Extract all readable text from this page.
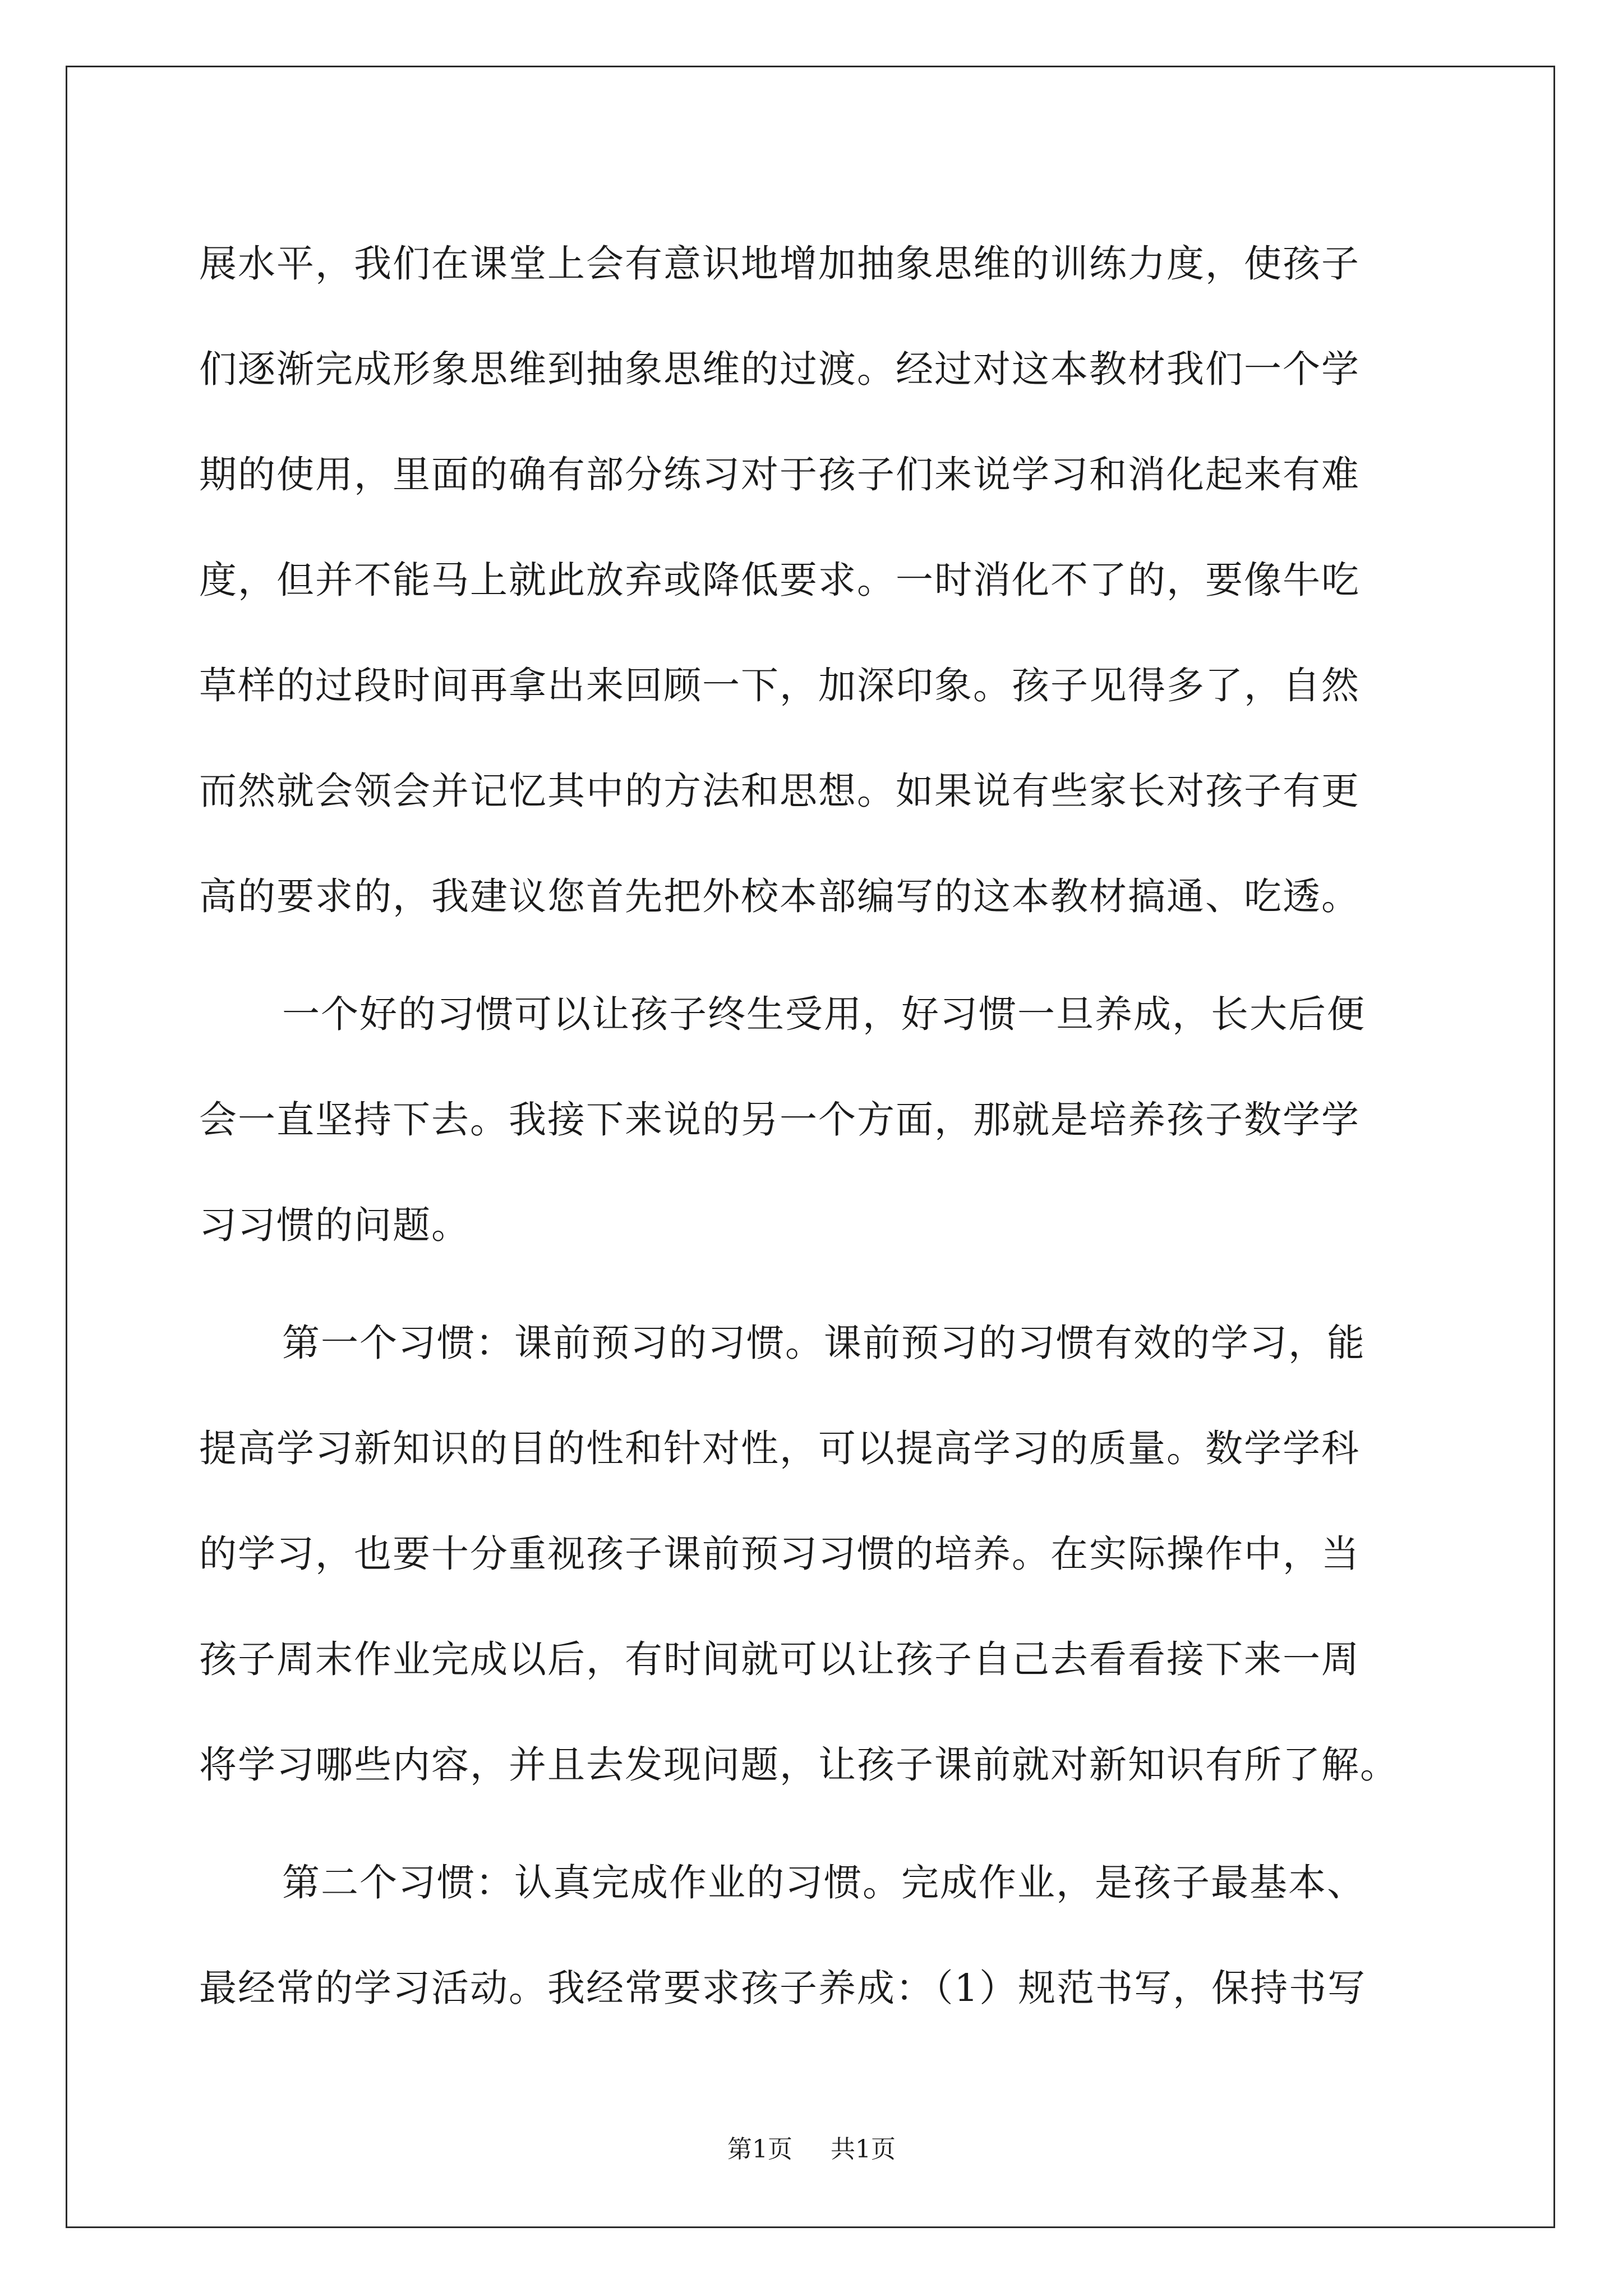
展水平，我们在课堂上会有意识地增加抽象思维的训练力度，使孩子
们逐渐完成形象思维到抽象思维的过渡。经过对这本教材我们一个学
期的使用，里面的确有部分练习对于孩子们来说学习和消化起来有难
度，但并不能马上就此放弃或降低要求。一时消化不了的，要像牛吃
草样的过段时间再拿出来回顾一下，加深印象。孩子见得多了，自然
而然就会领会并记忆其中的方法和思想。如果说有些家长对孩子有更
高的要求的，我建议您首先把外校本部编写的这本教材搞通、吃透。
一个好的习惯可以让孩子终生受用，好习惯一旦养成，长大后便
会一直坚持下去。我接下来说的另一个方面，那就是培养孩子数学学
习习惯的问题。
第一个习惯：课前预习的习惯。课前预习的习惯有效的学习，能
提高学习新知识的目的性和针对性，可以提高学习的质量。数学学科
的学习，也要十分重视孩子课前预习习惯的培养。在实际操作中，当
孩子周末作业完成以后，有时间就可以让孩子自己去看看接下来一周
将学习哪些内容，并且去发现问题，让孩子课前就对新知识有所了解。
第二个习惯：认真完成作业的习惯。完成作业，是孩子最基本、
最经常的学习活动。我经常要求孩子养成：（1）规范书写，保持书写
第1页 共1页
